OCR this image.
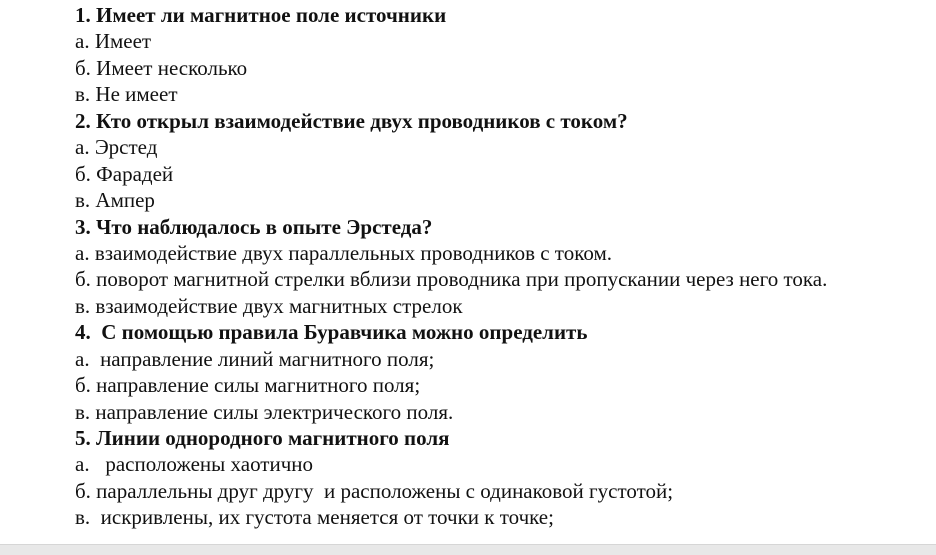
1. Имеет ли магнитное поле источники
а. Имеет
б. Имеет несколько
в. Не имеет
2. Кто открыл взаимодействие двух проводников с током?
а. Эрстед
б. Фарадей
в. Ампер
3. Что наблюдалось в опыте Эрстеда?
а. взаимодействие двух параллельных проводников с током.
б. поворот магнитной стрелки вблизи проводника при пропускании через него тока.
в. взаимодействие двух магнитных стрелок
4.  С помощью правила Буравчика можно определить
а.  направление линий магнитного поля;
б. направление силы магнитного поля;
в. направление силы электрического поля.
5. Линии однородного магнитного поля
а.   расположены хаотично
б. параллельны друг другу  и расположены с одинаковой густотой;
в.  искривлены, их густота меняется от точки к точке;
